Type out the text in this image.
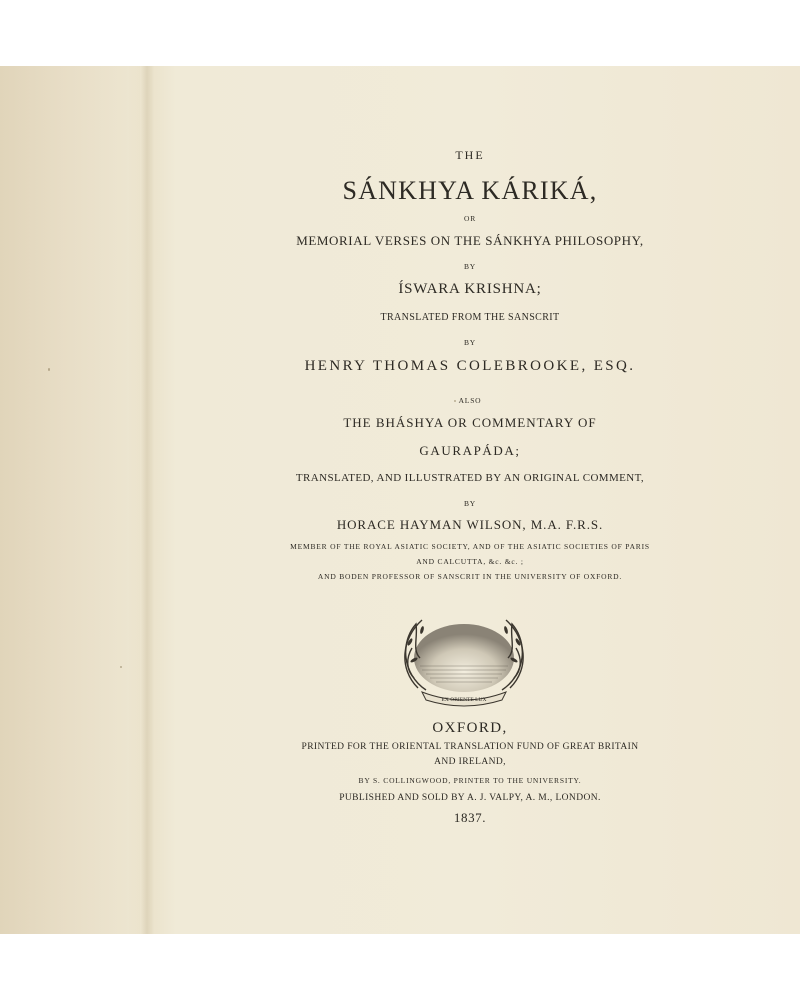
THE
SÁNKHYA KÁRIKÁ,
OR
MEMORIAL VERSES ON THE SÁNKHYA PHILOSOPHY,
BY
ÍSWARA KRISHNA;
TRANSLATED FROM THE SANSCRIT
BY
HENRY THOMAS COLEBROOKE, ESQ.
ALSO
THE BHÁSHYA OR COMMENTARY OF
GAURAPÁDA;
TRANSLATED, AND ILLUSTRATED BY AN ORIGINAL COMMENT,
BY
HORACE HAYMAN WILSON, M.A. F.R.S.
MEMBER OF THE ROYAL ASIATIC SOCIETY, AND OF THE ASIATIC SOCIETIES OF PARIS
AND CALCUTTA, &c. &c. ;
AND BODEN PROFESSOR OF SANSCRIT IN THE UNIVERSITY OF OXFORD.
EX ORIENTE LUX
OXFORD,
PRINTED FOR THE ORIENTAL TRANSLATION FUND OF GREAT BRITAIN
AND IRELAND,
BY S. COLLINGWOOD, PRINTER TO THE UNIVERSITY.
PUBLISHED AND SOLD BY A. J. VALPY, A. M., LONDON.
1837.
